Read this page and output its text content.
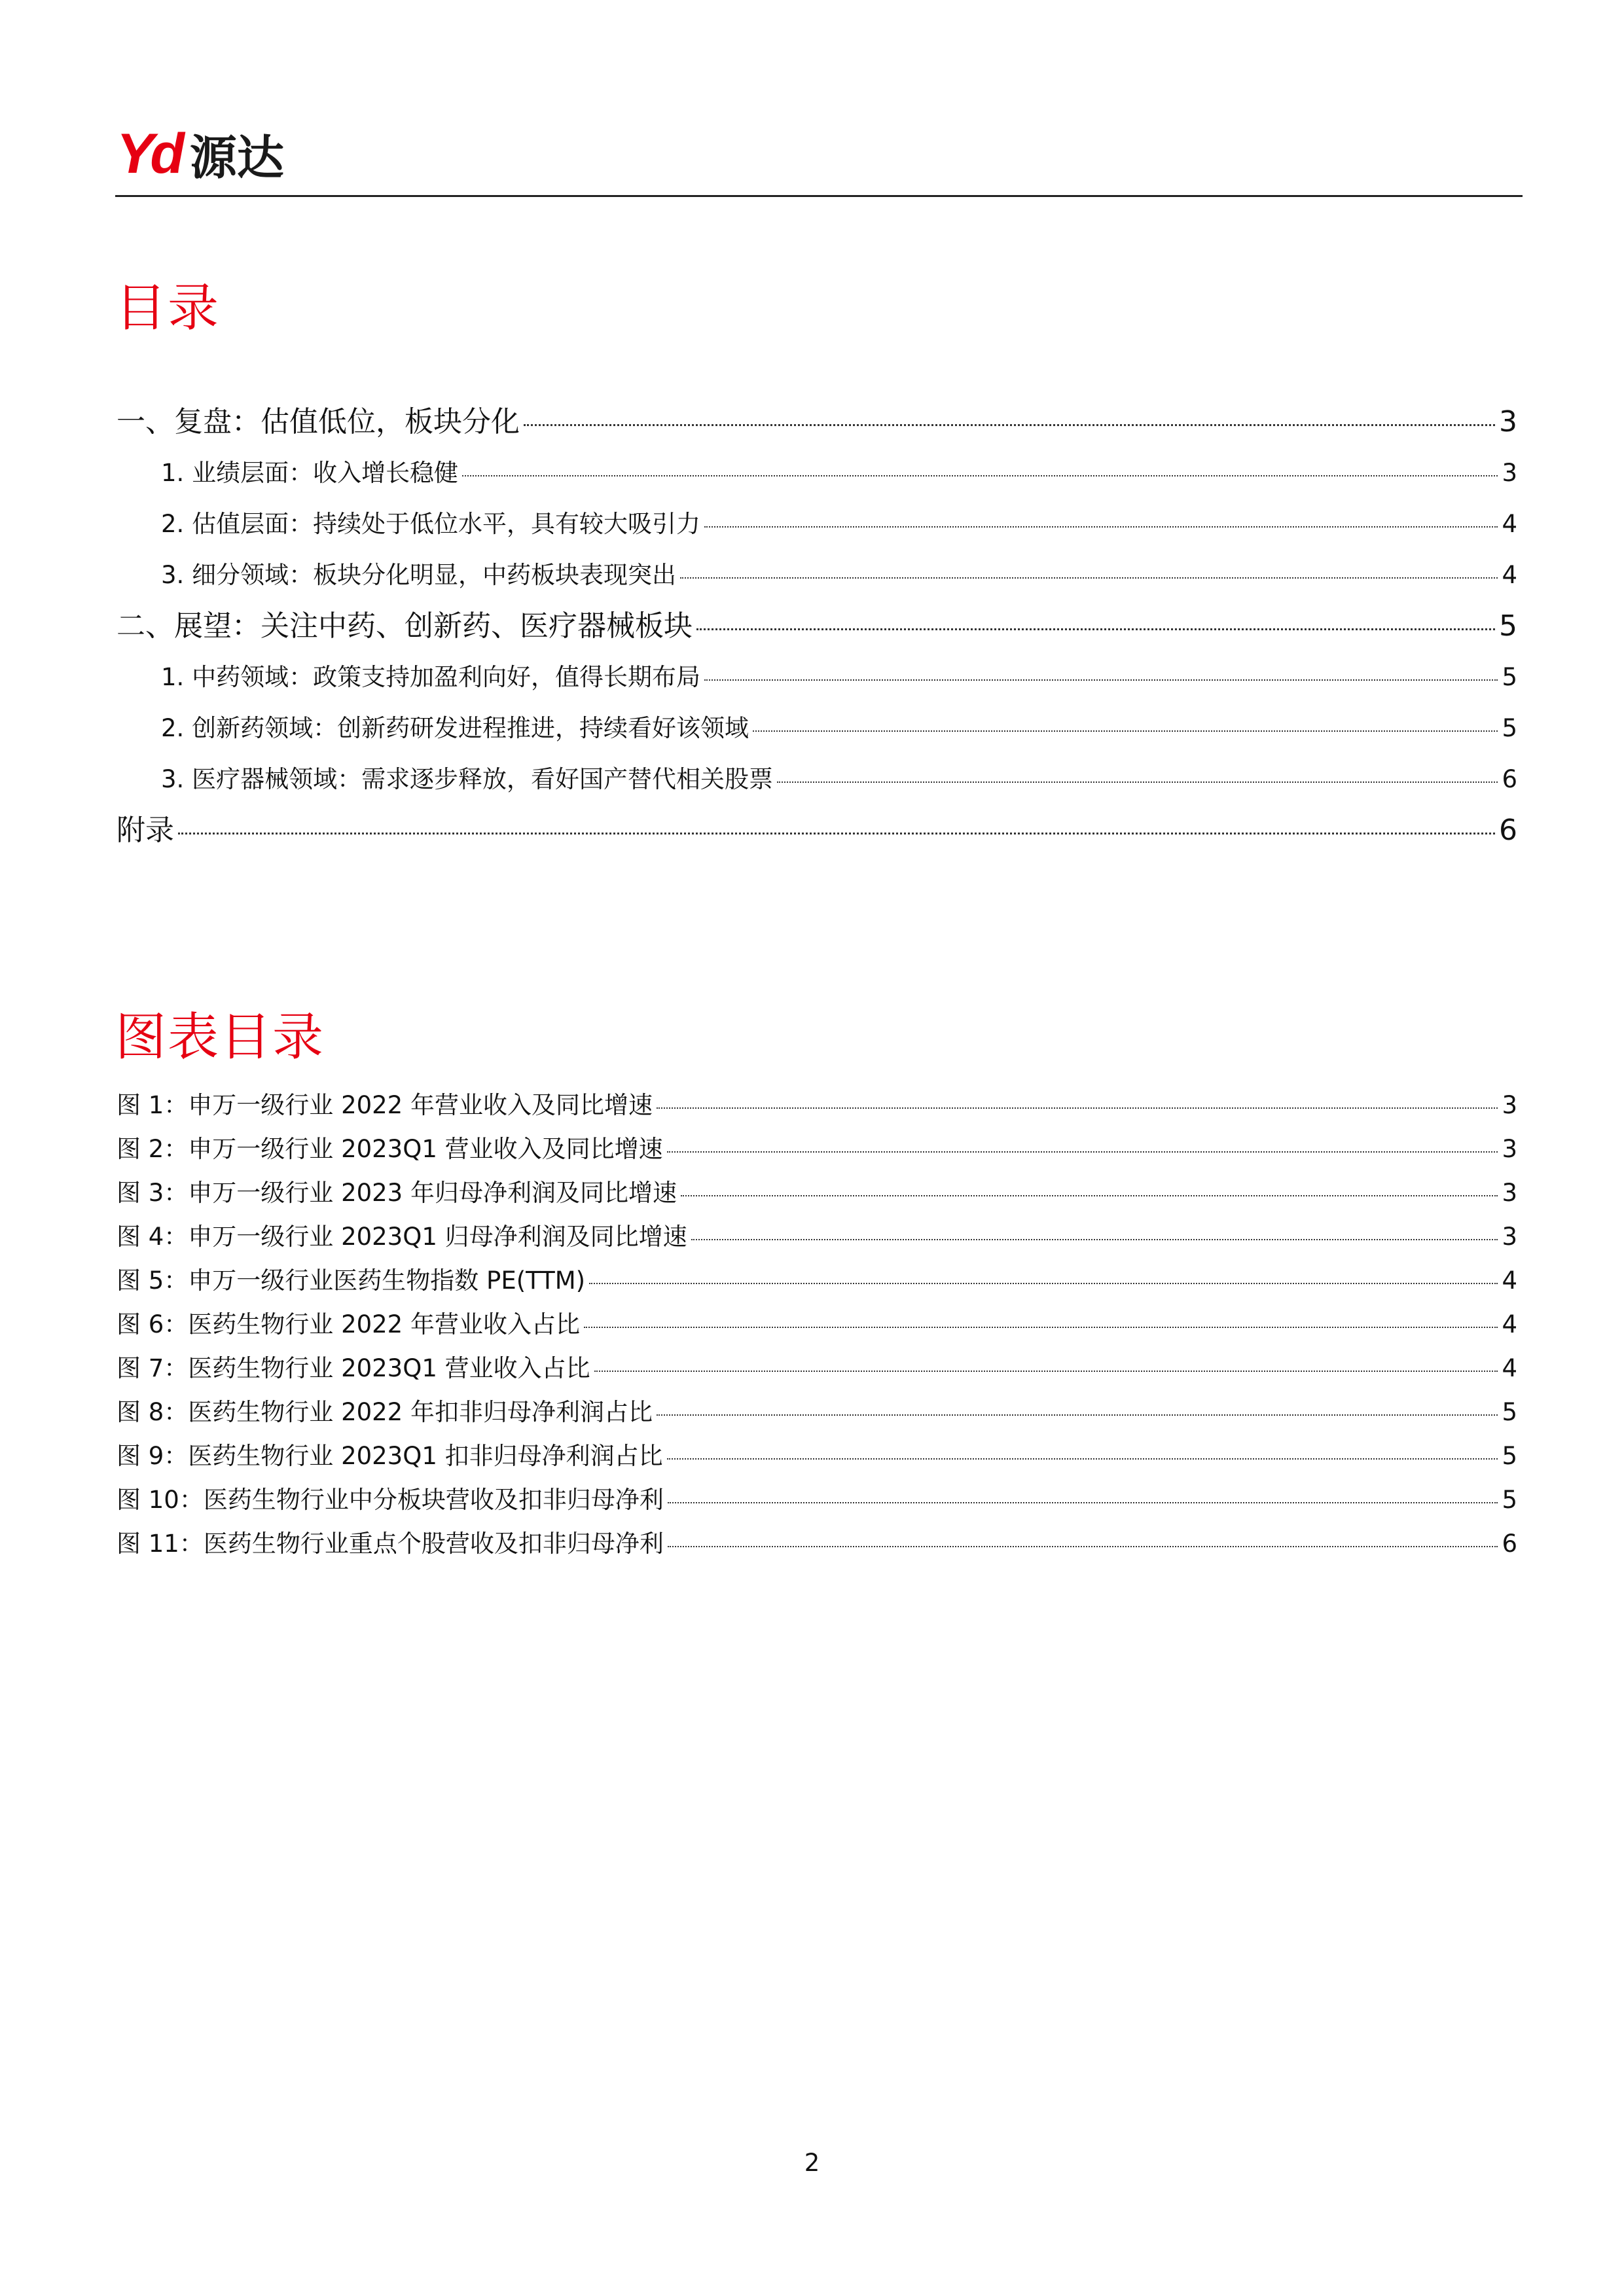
Yd 源达
目录
一、复盘：估值低位，板块分化	3
1. 业绩层面：收入增长稳健	3
2. 估值层面：持续处于低位水平，具有较大吸引力	4
3. 细分领域：板块分化明显，中药板块表现突出	4
二、展望：关注中药、创新药、医疗器械板块	5
1. 中药领域：政策支持加盈利向好，值得长期布局	5
2. 创新药领域：创新药研发进程推进，持续看好该领域	5
3. 医疗器械领域：需求逐步释放，看好国产替代相关股票	6
附录	6
图表目录
图 1：申万一级行业 2022 年营业收入及同比增速	3
图 2：申万一级行业 2023Q1 营业收入及同比增速	3
图 3：申万一级行业 2023 年归母净利润及同比增速	3
图 4：申万一级行业 2023Q1 归母净利润及同比增速	3
图 5：申万一级行业医药生物指数 PE(TTM)	4
图 6：医药生物行业 2022 年营业收入占比	4
图 7：医药生物行业 2023Q1 营业收入占比	4
图 8：医药生物行业 2022 年扣非归母净利润占比	5
图 9：医药生物行业 2023Q1 扣非归母净利润占比	5
图 10：医药生物行业中分板块营收及扣非归母净利	5
图 11：医药生物行业重点个股营收及扣非归母净利	6
2
